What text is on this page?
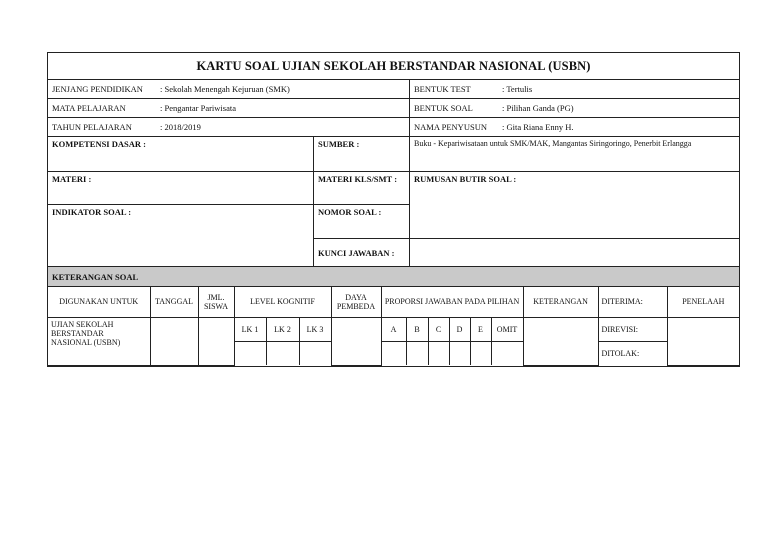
KARTU SOAL UJIAN SEKOLAH BERSTANDAR NASIONAL (USBN)
JENJANG PENDIDIKAN	: Sekolah Menengah Kejuruan (SMK)	BENTUK TEST	: Tertulis
MATA PELAJARAN	: Pengantar Pariwisata	BENTUK SOAL	: Pilihan Ganda (PG)
TAHUN PELAJARAN	: 2018/2019	NAMA PENYUSUN	: Gita Riana Enny H.
KOMPETENSI DASAR :	SUMBER :	Buku - Kepariwisataan untuk SMK/MAK, Mangantas Siringoringo, Penerbit Erlangga
MATERI :	MATERI KLS/SMT :	RUMUSAN BUTIR SOAL :
INDIKATOR SOAL :	NOMOR SOAL :
KUNCI JAWABAN :
KETERANGAN SOAL
DIGUNAKAN UNTUK	TANGGAL	JML. SISWA	LEVEL KOGNITIF			DAYA PEMBEDA	PROPORSI JAWABAN PADA PILIHAN						KETERANGAN	DITERIMA:	PENELAAH
UJIAN SEKOLAH BERSTANDAR NASIONAL (USBN)			LK 1	LK 2	LK 3		A	B	C	D	E	OMIT		DIREVISI:	
														DITOLAK:	
